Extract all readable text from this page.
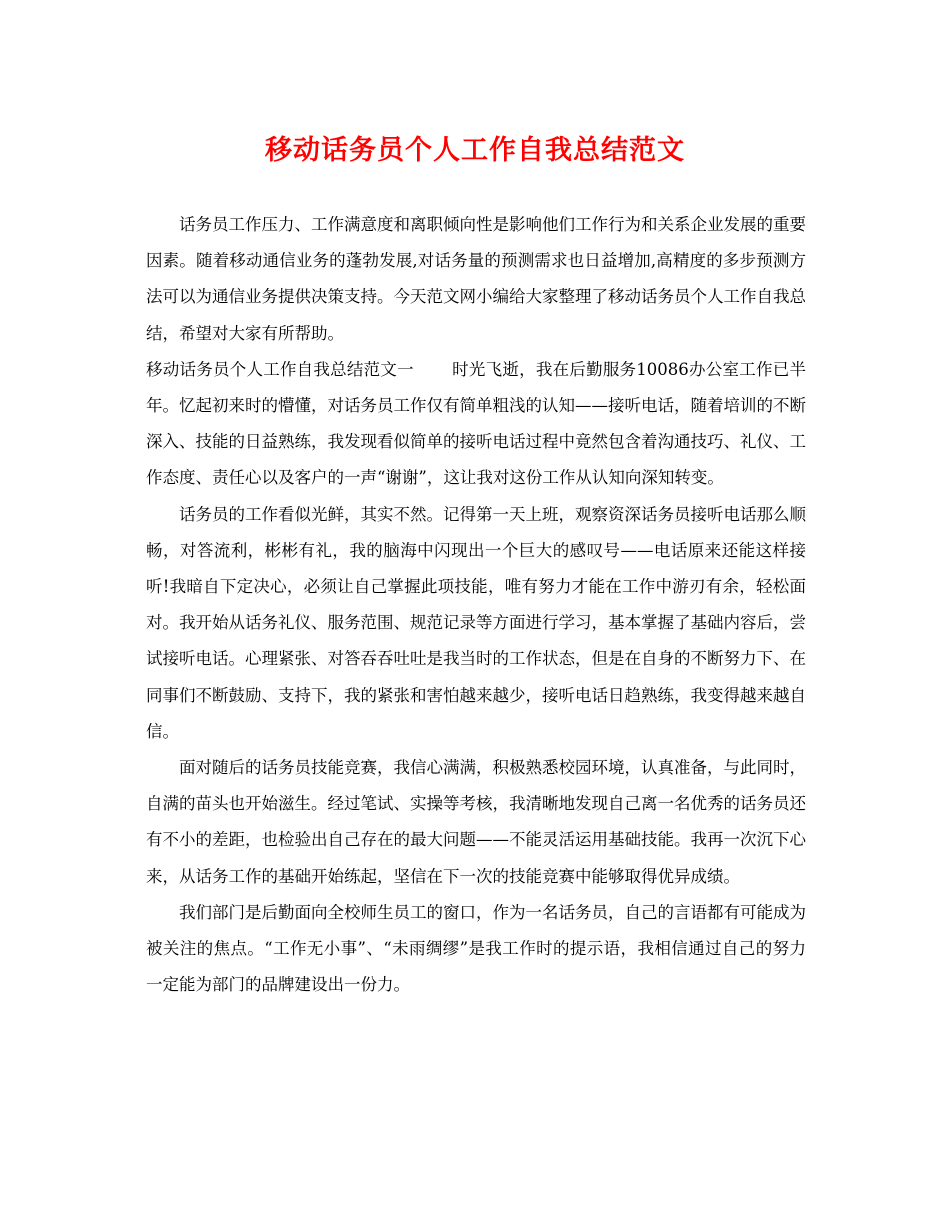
移动话务员个人工作自我总结范文

话务员工作压力、工作满意度和离职倾向性是影响他们工作行为和关系企业发展的重要因素。随着移动通信业务的蓬勃发展,对话务量的预测需求也日益增加,高精度的多步预测方法可以为通信业务提供决策支持。今天范文网小编给大家整理了移动话务员个人工作自我总结，希望对大家有所帮助。

移动话务员个人工作自我总结范文一 时光飞逝，我在后勤服务10086办公室工作已半年。忆起初来时的懵懂，对话务员工作仅有简单粗浅的认知——接听电话，随着培训的不断深入、技能的日益熟练，我发现看似简单的接听电话过程中竟然包含着沟通技巧、礼仪、工作态度、责任心以及客户的一声“谢谢”，这让我对这份工作从认知向深知转变。

话务员的工作看似光鲜，其实不然。记得第一天上班，观察资深话务员接听电话那么顺畅，对答流利，彬彬有礼，我的脑海中闪现出一个巨大的感叹号——电话原来还能这样接听!我暗自下定决心，必须让自己掌握此项技能，唯有努力才能在工作中游刃有余，轻松面对。我开始从话务礼仪、服务范围、规范记录等方面进行学习，基本掌握了基础内容后，尝试接听电话。心理紧张、对答吞吞吐吐是我当时的工作状态，但是在自身的不断努力下、在同事们不断鼓励、支持下，我的紧张和害怕越来越少，接听电话日趋熟练，我变得越来越自信。

面对随后的话务员技能竞赛，我信心满满，积极熟悉校园环境，认真准备，与此同时，自满的苗头也开始滋生。经过笔试、实操等考核，我清晰地发现自己离一名优秀的话务员还有不小的差距，也检验出自己存在的最大问题——不能灵活运用基础技能。我再一次沉下心来，从话务工作的基础开始练起，坚信在下一次的技能竞赛中能够取得优异成绩。

我们部门是后勤面向全校师生员工的窗口，作为一名话务员，自己的言语都有可能成为被关注的焦点。“工作无小事”、“未雨绸缪”是我工作时的提示语，我相信通过自己的努力一定能为部门的品牌建设出一份力。
